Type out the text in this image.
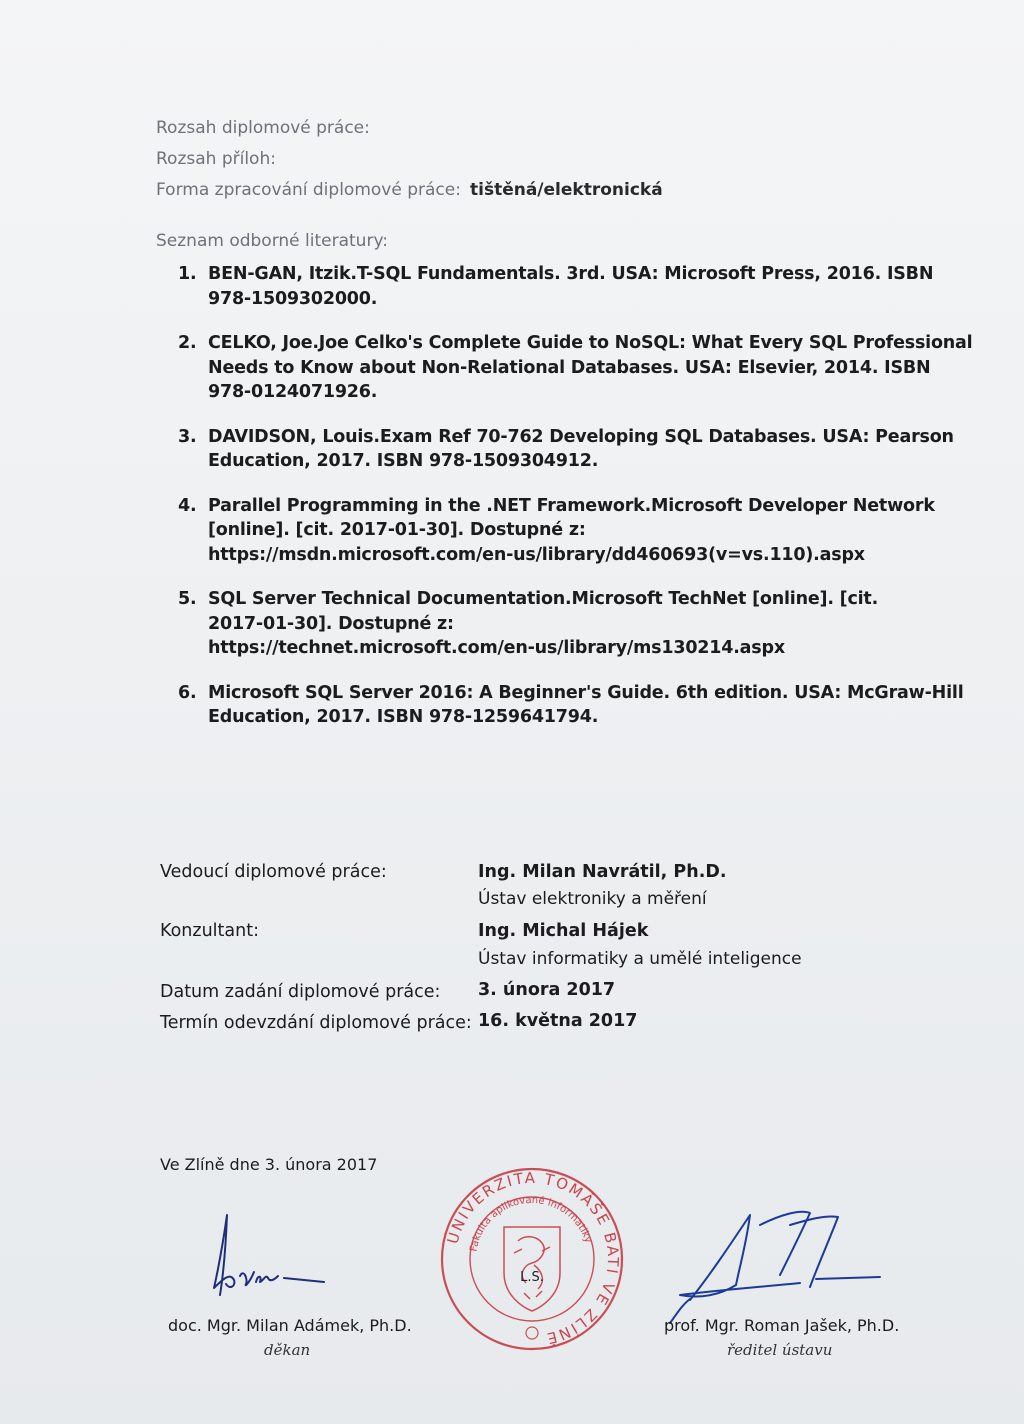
Rozsah diplomové práce:
Rozsah příloh:
Forma zpracování diplomové práce: tištěná/elektronická
Seznam odborné literatury:
1. BEN-GAN, Itzik.T-SQL Fundamentals. 3rd. USA: Microsoft Press, 2016. ISBN
978-1509302000.
2. CELKO, Joe.Joe Celko's Complete Guide to NoSQL: What Every SQL Professional
Needs to Know about Non-Relational Databases. USA: Elsevier, 2014. ISBN
978-0124071926.
3. DAVIDSON, Louis.Exam Ref 70-762 Developing SQL Databases. USA: Pearson
Education, 2017. ISBN 978-1509304912.
4. Parallel Programming in the .NET Framework.Microsoft Developer Network
[online]. [cit. 2017-01-30]. Dostupné z:
https://msdn.microsoft.com/en-us/library/dd460693(v=vs.110).aspx
5. SQL Server Technical Documentation.Microsoft TechNet [online]. [cit.
2017-01-30]. Dostupné z:
https://technet.microsoft.com/en-us/library/ms130214.aspx
6. Microsoft SQL Server 2016: A Beginner's Guide. 6th edition. USA: McGraw-Hill
Education, 2017. ISBN 978-1259641794.
Vedoucí diplomové práce:	Ing. Milan Navrátil, Ph.D.
Ústav elektroniky a měření
Konzultant:	Ing. Michal Hájek
Ústav informatiky a umělé inteligence
Datum zadání diplomové práce: 3. února 2017
Termín odevzdání diplomové práce: 16. května 2017
Ve Zlíně dne 3. února 2017
doc. Mgr. Milan Adámek, Ph.D.
děkan
UNIVERZITA TOMÁŠE BATI VE ZLÍNĚ
Fakulta aplikované informatiky
L.S.
prof. Mgr. Roman Jašek, Ph.D.
ředitel ústavu
